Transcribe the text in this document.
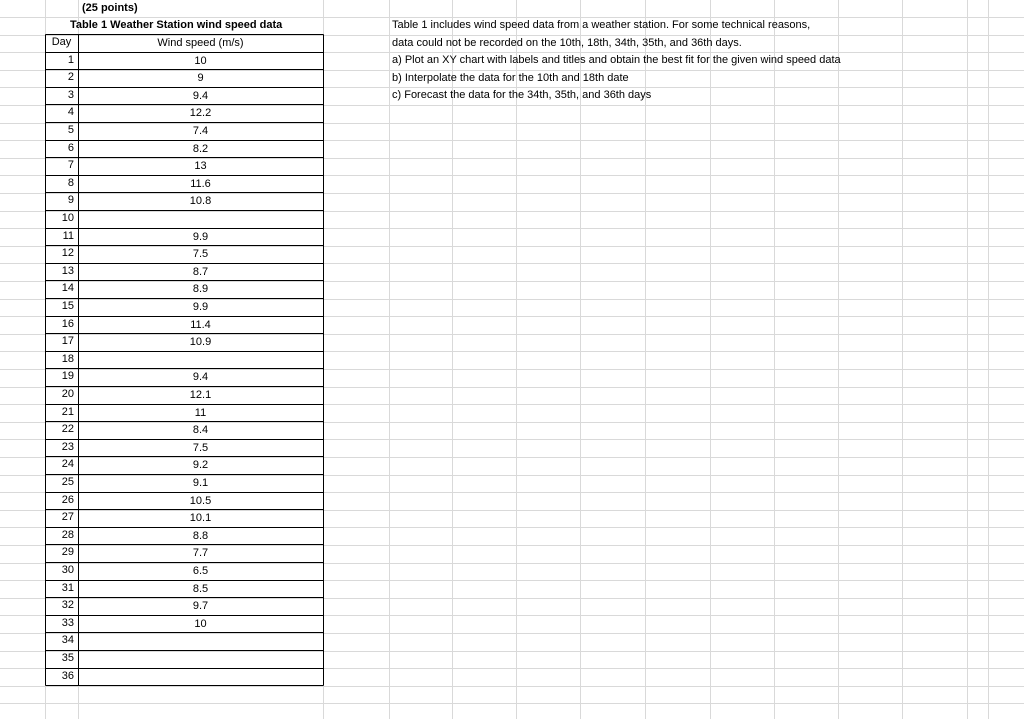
(25 points)
Table 1 Weather Station wind speed data
Day	Wind speed (m/s)
1	10
2	9
3	9.4
4	12.2
5	7.4
6	8.2
7	13
8	11.6
9	10.8
10
11	9.9
12	7.5
13	8.7
14	8.9
15	9.9
16	11.4
17	10.9
18
19	9.4
20	12.1
21	11
22	8.4
23	7.5
24	9.2
25	9.1
26	10.5
27	10.1
28	8.8
29	7.7
30	6.5
31	8.5
32	9.7
33	10
34
35
36
Table 1 includes wind speed data from a weather station. For some technical reasons,
data could not be recorded on the 10th, 18th, 34th, 35th, and 36th days.
a) Plot an XY chart with labels and titles and obtain the best fit for the given wind speed data
b) Interpolate the data for the 10th and 18th date
c) Forecast the data for the 34th, 35th, and 36th days
